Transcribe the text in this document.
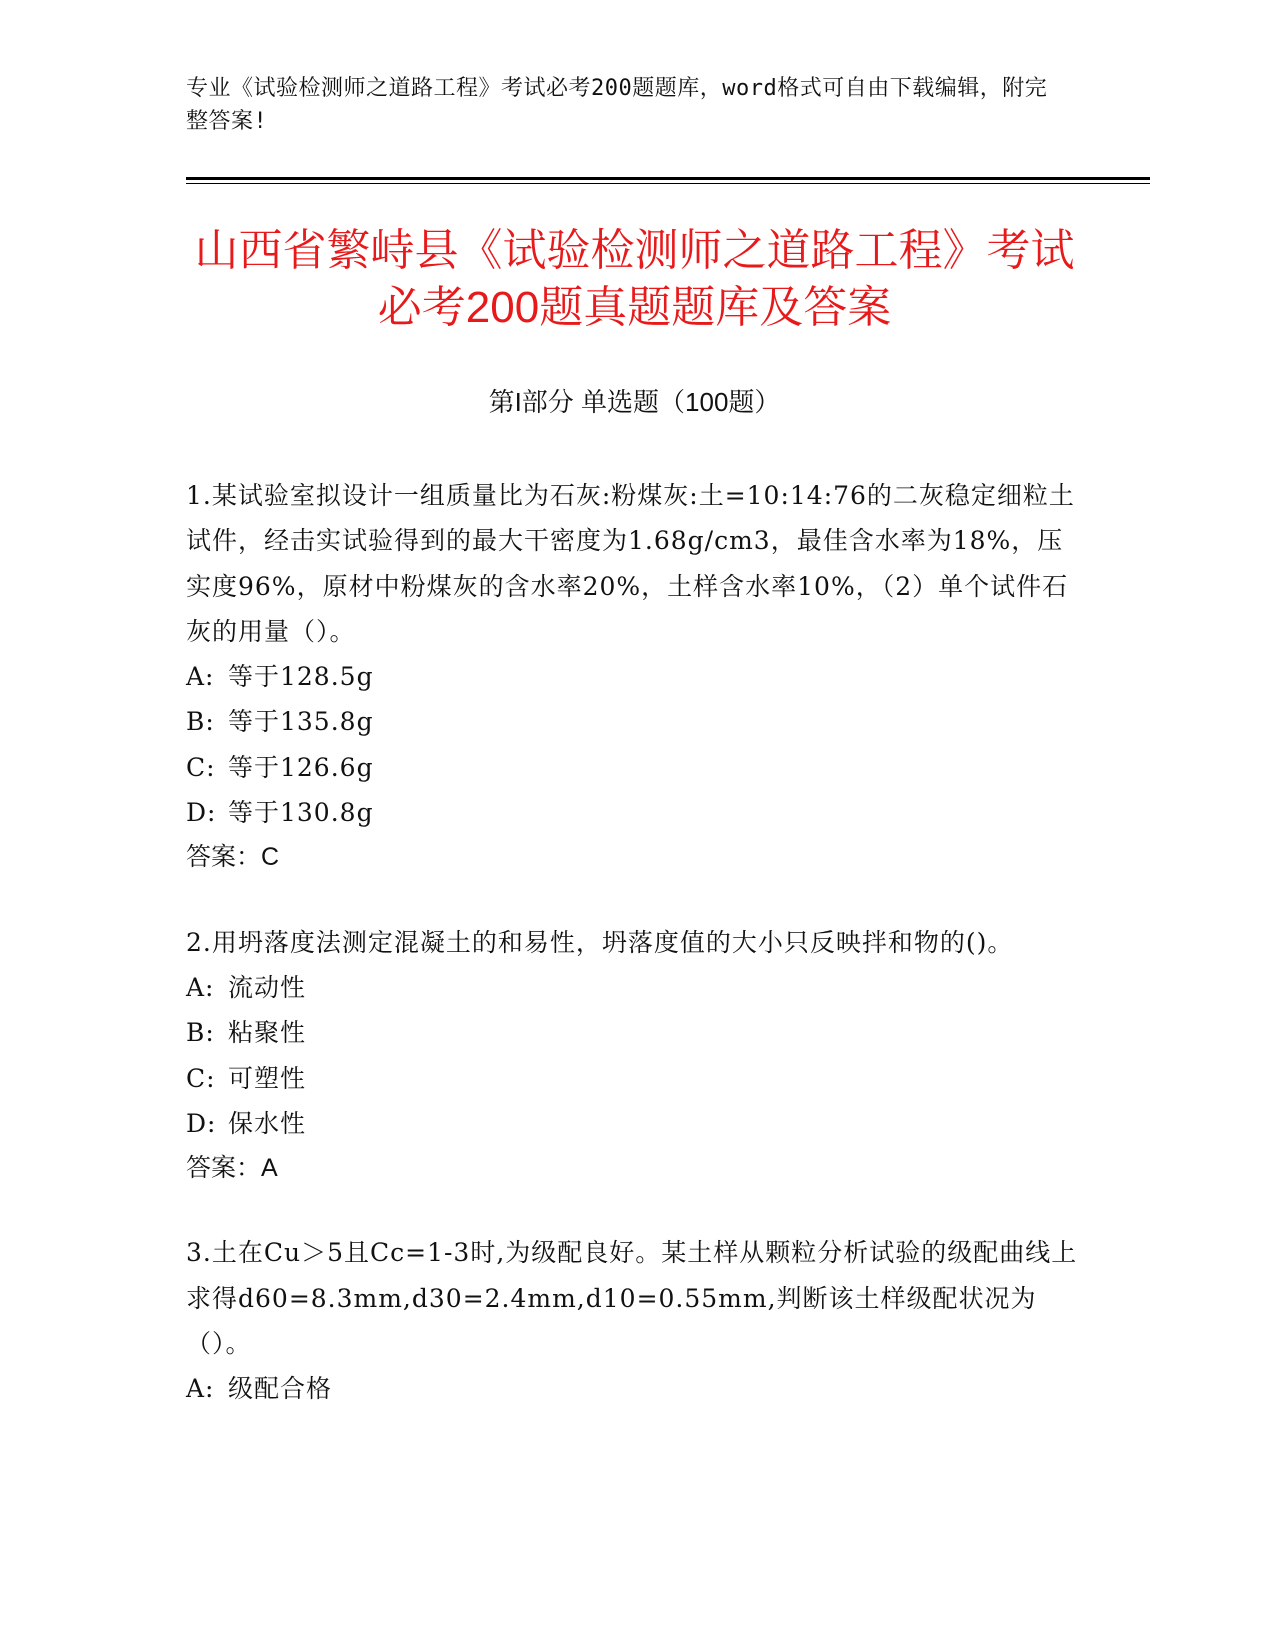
专业《试验检测师之道路工程》考试必考200题题库，word格式可自由下载编辑，附完整答案!
山西省繁峙县《试验检测师之道路工程》考试必考200题真题题库及答案
第I部分 单选题（100题）
1.某试验室拟设计一组质量比为石灰:粉煤灰:土=10:14:76的二灰稳定细粒土试件，经击实试验得到的最大干密度为1.68g/cm3，最佳含水率为18%，压实度96%，原材中粉煤灰的含水率20%，土样含水率10%，（2）单个试件石灰的用量（）。
A: 等于128.5g
B: 等于135.8g
C: 等于126.6g
D: 等于130.8g
答案：C
2.用坍落度法测定混凝土的和易性，坍落度值的大小只反映拌和物的()。
A: 流动性
B: 粘聚性
C: 可塑性
D: 保水性
答案：A
3.土在Cu＞5且Cc=1-3时,为级配良好。某土样从颗粒分析试验的级配曲线上求得d60=8.3mm,d30=2.4mm,d10=0.55mm,判断该土样级配状况为（）。
A: 级配合格
